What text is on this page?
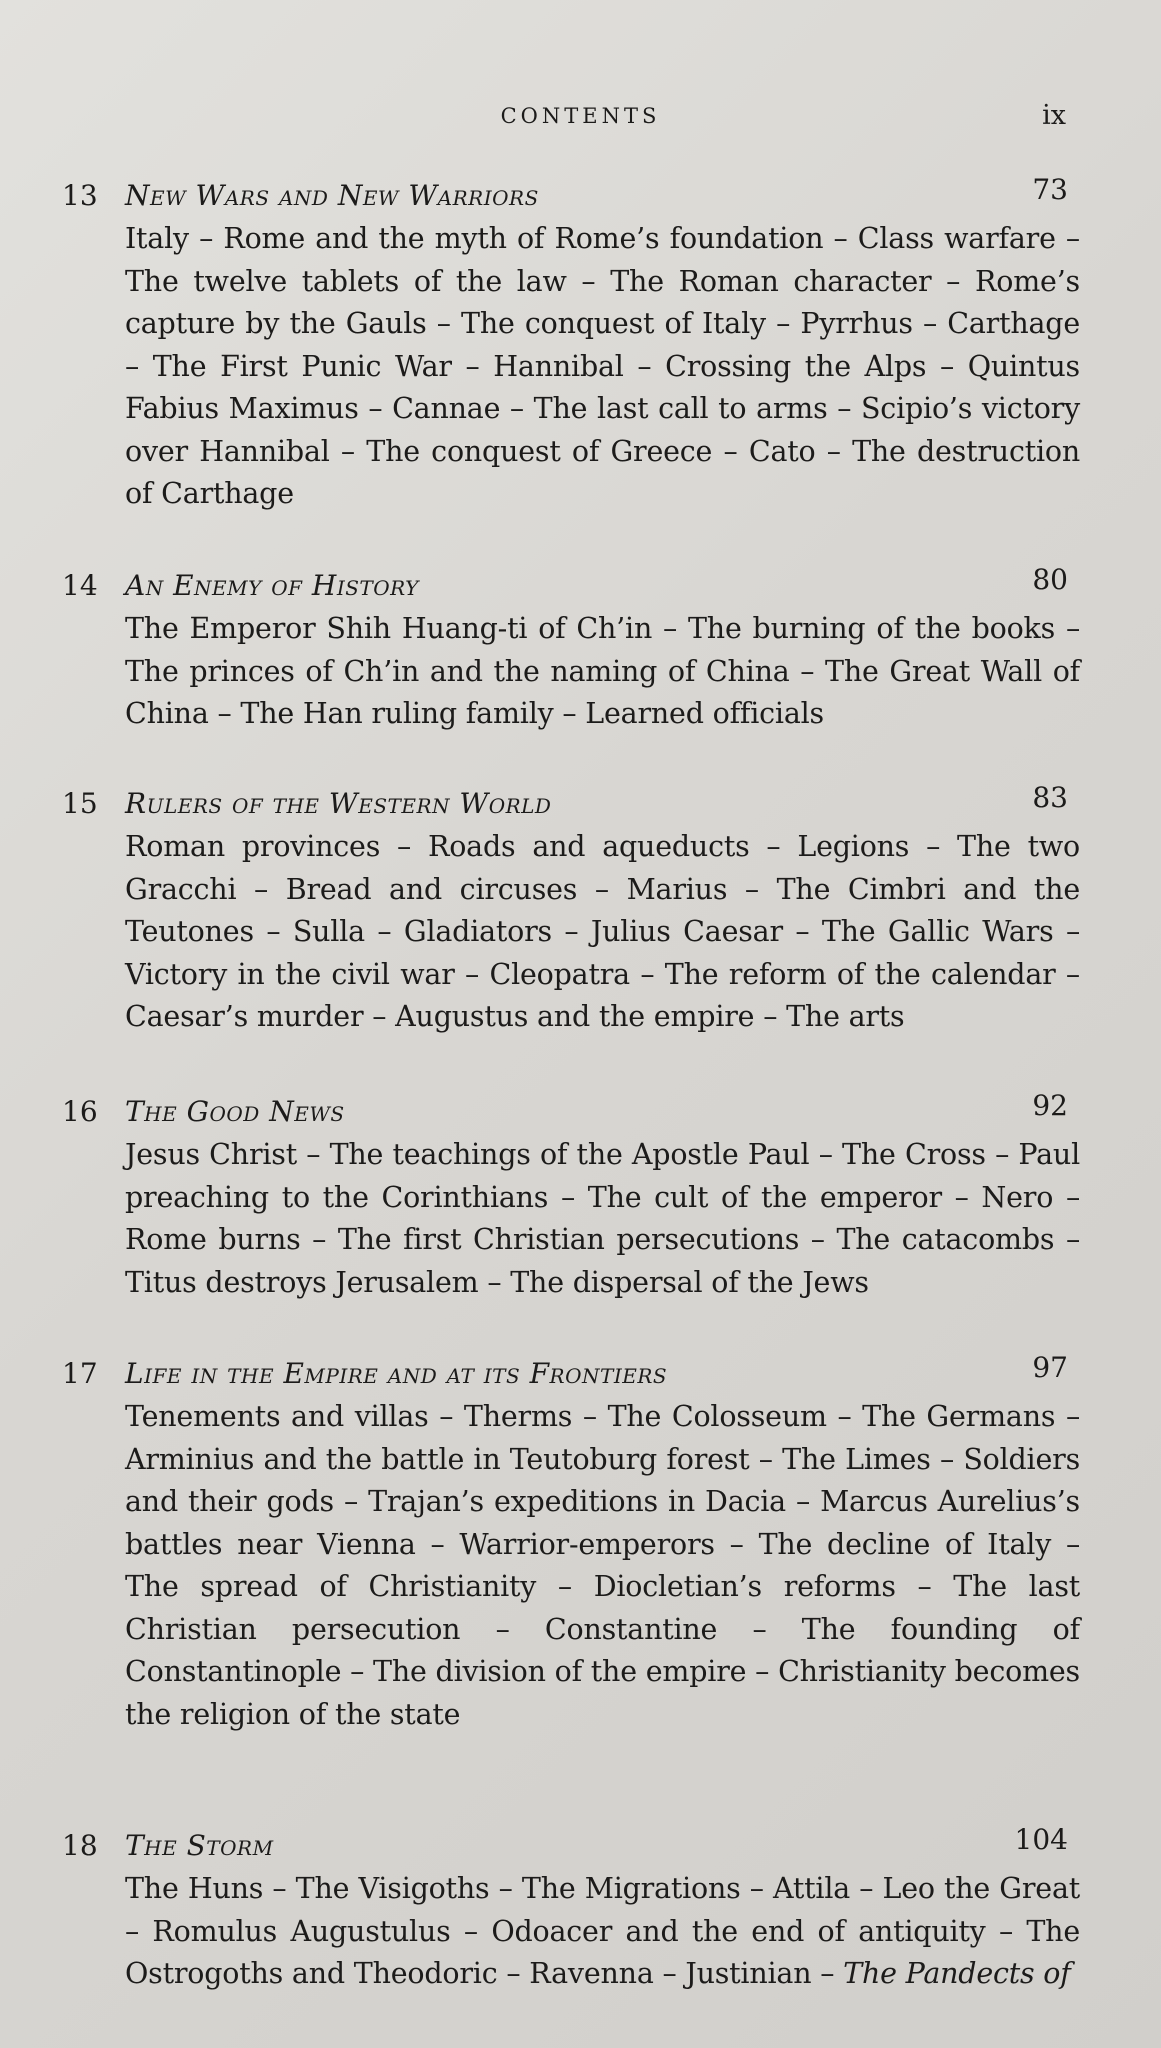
CONTENTS	ix
13 New Wars and New Warriors	73
Italy – Rome and the myth of Rome’s foundation – Class warfare – The twelve tablets of the law – The Roman character – Rome’s capture by the Gauls – The conquest of Italy – Pyrrhus – Carthage – The First Punic War – Hannibal – Crossing the Alps – Quintus Fabius Maximus – Cannae – The last call to arms – Scipio’s victory over Hannibal – The conquest of Greece – Cato – The destruction of Carthage
14 An Enemy of History	80
The Emperor Shih Huang-ti of Ch’in – The burning of the books – The princes of Ch’in and the naming of China – The Great Wall of China – The Han ruling family – Learned officials
15 Rulers of the Western World	83
Roman provinces – Roads and aqueducts – Legions – The two Gracchi – Bread and circuses – Marius – The Cimbri and the Teutones – Sulla – Gladiators – Julius Caesar – The Gallic Wars – Victory in the civil war – Cleopatra – The reform of the calendar – Caesar’s murder – Augustus and the empire – The arts
16 The Good News	92
Jesus Christ – The teachings of the Apostle Paul – The Cross – Paul preaching to the Corinthians – The cult of the emperor – Nero – Rome burns – The first Christian persecutions – The catacombs – Titus destroys Jerusalem – The dispersal of the Jews
17 Life in the Empire and at its Frontiers	97
Tenements and villas – Therms – The Colosseum – The Germans – Arminius and the battle in Teutoburg forest – The Limes – Soldiers and their gods – Trajan’s expeditions in Dacia – Marcus Aurelius’s battles near Vienna – Warrior-emperors – The decline of Italy – The spread of Christianity – Diocletian’s reforms – The last Christian persecution – Constantine – The founding of Constantinople – The division of the empire – Christianity becomes the religion of the state
18 The Storm	104
The Huns – The Visigoths – The Migrations – Attila – Leo the Great – Romulus Augustulus – Odoacer and the end of antiquity – The Ostrogoths and Theodoric – Ravenna – Justinian – The Pandects of
